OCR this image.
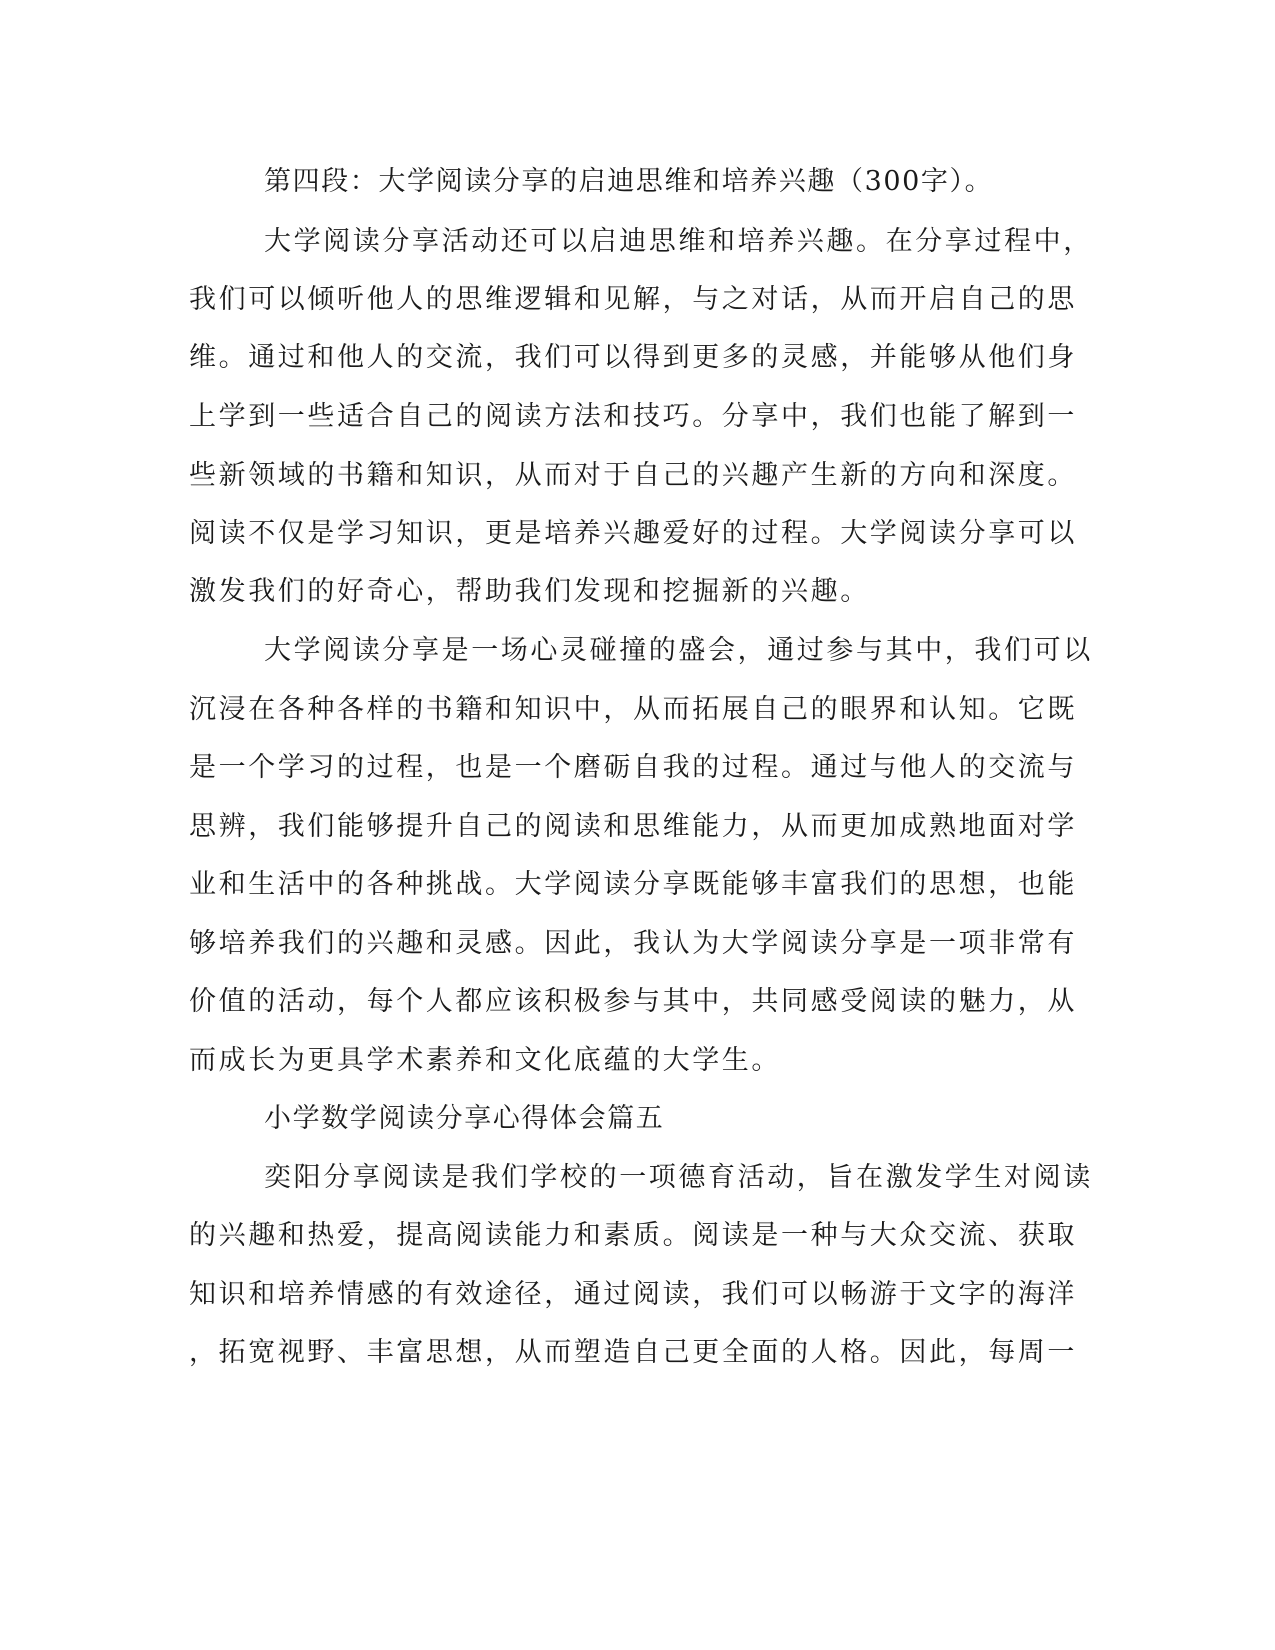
第四段：大学阅读分享的启迪思维和培养兴趣（300字）。
大学阅读分享活动还可以启迪思维和培养兴趣。在分享过程中，
我们可以倾听他人的思维逻辑和见解，与之对话，从而开启自己的思
维。通过和他人的交流，我们可以得到更多的灵感，并能够从他们身
上学到一些适合自己的阅读方法和技巧。分享中，我们也能了解到一
些新领域的书籍和知识，从而对于自己的兴趣产生新的方向和深度。
阅读不仅是学习知识，更是培养兴趣爱好的过程。大学阅读分享可以
激发我们的好奇心，帮助我们发现和挖掘新的兴趣。
大学阅读分享是一场心灵碰撞的盛会，通过参与其中，我们可以
沉浸在各种各样的书籍和知识中，从而拓展自己的眼界和认知。它既
是一个学习的过程，也是一个磨砺自我的过程。通过与他人的交流与
思辨，我们能够提升自己的阅读和思维能力，从而更加成熟地面对学
业和生活中的各种挑战。大学阅读分享既能够丰富我们的思想，也能
够培养我们的兴趣和灵感。因此，我认为大学阅读分享是一项非常有
价值的活动，每个人都应该积极参与其中，共同感受阅读的魅力，从
而成长为更具学术素养和文化底蕴的大学生。
小学数学阅读分享心得体会篇五
奕阳分享阅读是我们学校的一项德育活动，旨在激发学生对阅读
的兴趣和热爱，提高阅读能力和素质。阅读是一种与大众交流、获取
知识和培养情感的有效途径，通过阅读，我们可以畅游于文字的海洋
，拓宽视野、丰富思想，从而塑造自己更全面的人格。因此，每周一
